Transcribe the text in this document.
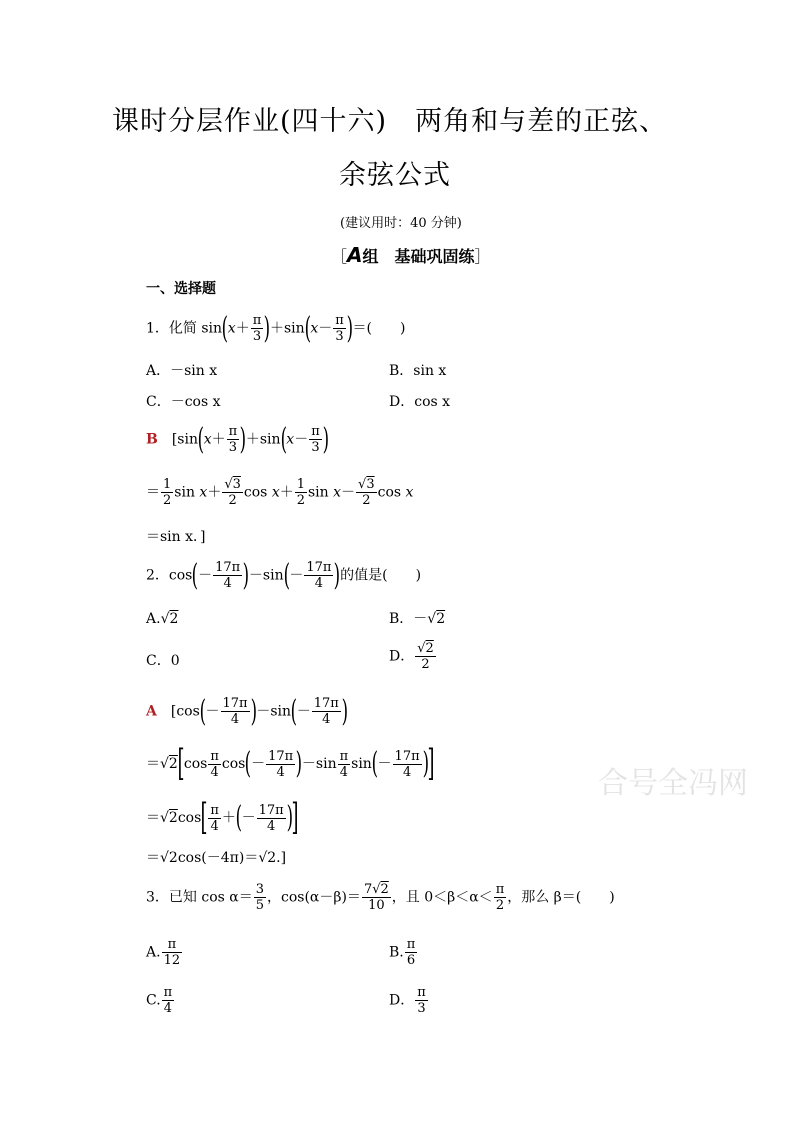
课时分层作业(四十六)　两角和与差的正弦、
余弦公式
(建议用时：40 分钟)
［A组　基础巩固练］
一、选择题
1．化简 $\sin(x+ \frac{\pi}{3} )+\sin(x- \frac{\pi}{3}$ )＝(　　)
A．－sin x	B．sin x
C．－cos x	D．cos x
B　[$\sin(x+ \frac{\pi}{3} )+\sin(x- \frac{\pi}{3}$ )
＝ $\frac{1}{2}$ $\sin x+ \frac{√3}{2}$ $\cos x+ \frac{1}{2}$ $\sin x- \frac{√3}{2}$ cos x
＝sin x．]
2．$\cos(- \frac{17\pi}{4} )-\sin(- \frac{17\pi}{4}$ )的值是(　　)
A.√2	B．－√2
C．0	D． $\frac{√2}{2}$
A　[$\cos(- \frac{17\pi}{4} )-\sin(- \frac{17\pi}{4}$ )
$=√2[\cos \frac{\pi}{4} \cos(- \frac{17\pi}{4} )-\sin \frac{\pi}{4} \sin(- \frac{17\pi}{4}$ )]
$=√2\cos[ \frac{\pi}{4}$ ＋(－ $\frac{17\pi}{4}$ )]
＝√2cos(－4π)＝√2.]
3．已知 $\cos \alpha= \frac{3}{5}$ ，$\cos(\alpha-\beta)= \frac{7√2}{10}$ ，且 $0<\beta<\alpha< \frac{\pi}{2}$ ，那么 β＝(　　)
A. $\frac{\pi}{12}$	B. $\frac{\pi}{6}$
C. $\frac{\pi}{4}$	D． $\frac{\pi}{3}$
合号全冯网
